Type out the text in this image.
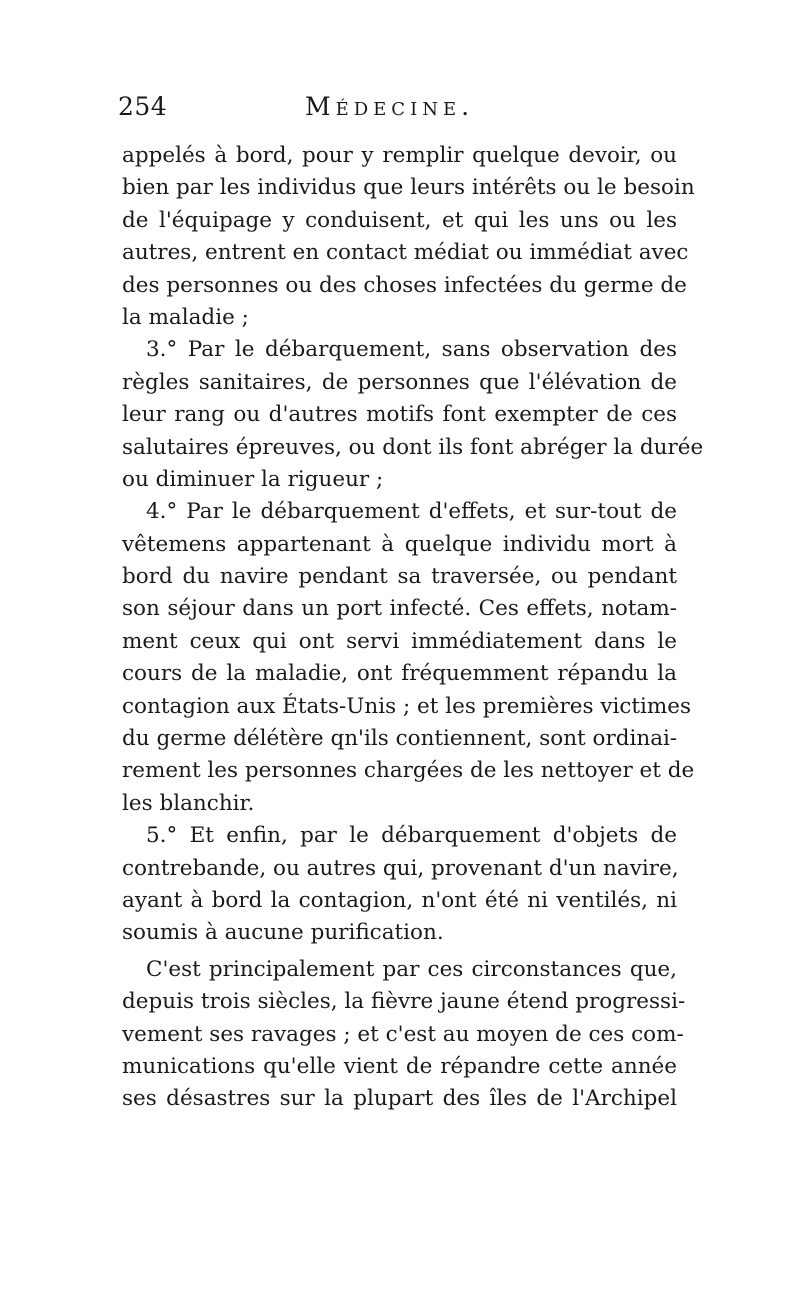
254	Médecine.
appelés à bord, pour y remplir quelque devoir, ou
bien par les individus que leurs intérêts ou le besoin
de l'équipage y conduisent, et qui les uns ou les
autres, entrent en contact médiat ou immédiat avec
des personnes ou des choses infectées du germe de
la maladie ;
3.° Par le débarquement, sans observation des
règles sanitaires, de personnes que l'élévation de
leur rang ou d'autres motifs font exempter de ces
salutaires épreuves, ou dont ils font abréger la durée
ou diminuer la rigueur ;
4.° Par le débarquement d'effets, et sur-tout de
vêtemens appartenant à quelque individu mort à
bord du navire pendant sa traversée, ou pendant
son séjour dans un port infecté. Ces effets, notam-
ment ceux qui ont servi immédiatement dans le
cours de la maladie, ont fréquemment répandu la
contagion aux États-Unis ; et les premières victimes
du germe délétère qn'ils contiennent, sont ordinai-
rement les personnes chargées de les nettoyer et de
les blanchir.
5.° Et enfin, par le débarquement d'objets de
contrebande, ou autres qui, provenant d'un navire,
ayant à bord la contagion, n'ont été ni ventilés, ni
soumis à aucune purification.
C'est principalement par ces circonstances que,
depuis trois siècles, la fièvre jaune étend progressi-
vement ses ravages ; et c'est au moyen de ces com-
munications qu'elle vient de répandre cette année
ses désastres sur la plupart des îles de l'Archipel
